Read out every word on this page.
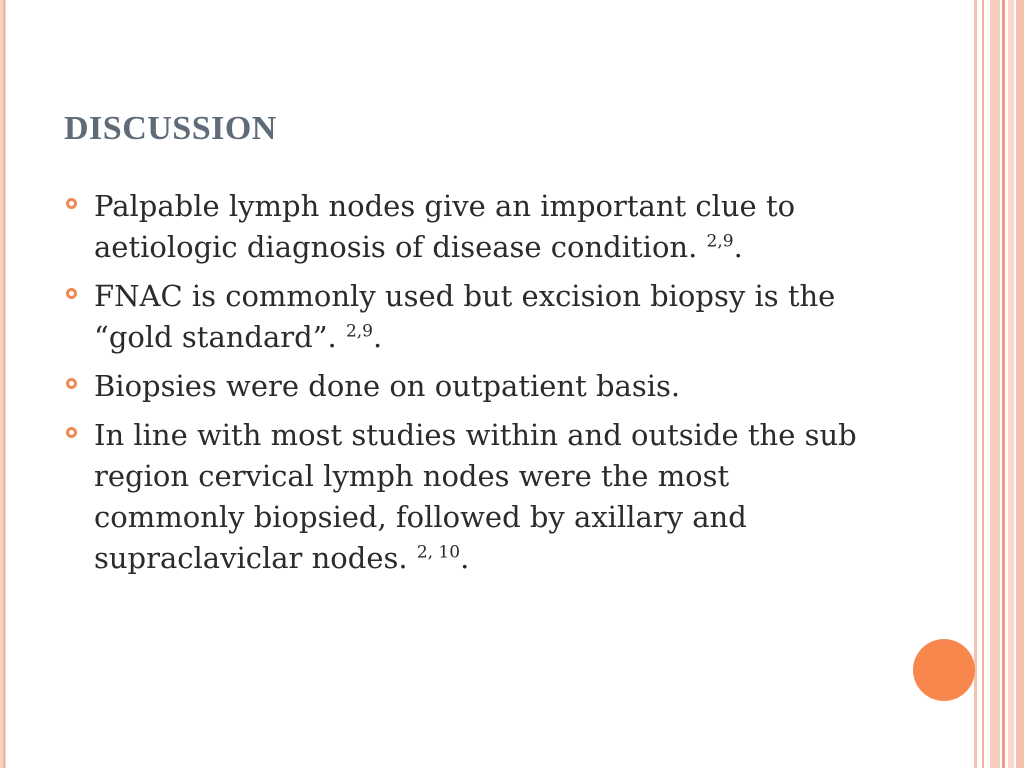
DISCUSSION
Palpable lymph nodes give an important clue to aetiologic diagnosis of disease condition. $^{2,9}$.
FNAC is commonly used but excision biopsy is the “gold standard”. $^{2,9}$.
Biopsies were done on outpatient basis.
In line with most studies within and outside the sub region cervical lymph nodes were the most commonly biopsied, followed by axillary and supraclaviclar nodes. $^{2, 10}$.
